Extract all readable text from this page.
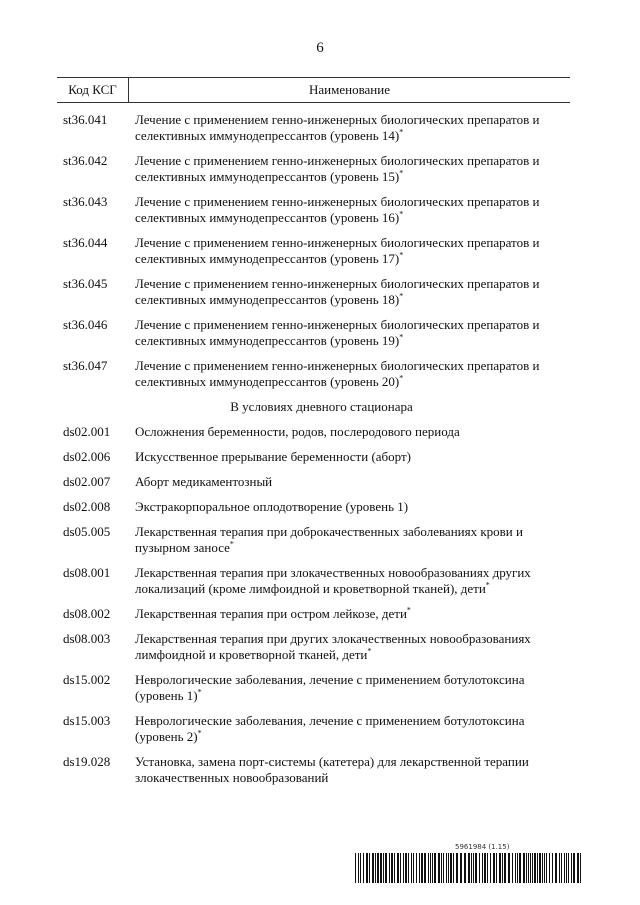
6
Код КСГ	Наименование
st36.041	Лечение с применением генно-инженерных биологических препаратов и селективных иммунодепрессантов (уровень 14)*
st36.042	Лечение с применением генно-инженерных биологических препаратов и селективных иммунодепрессантов (уровень 15)*
st36.043	Лечение с применением генно-инженерных биологических препаратов и селективных иммунодепрессантов (уровень 16)*
st36.044	Лечение с применением генно-инженерных биологических препаратов и селективных иммунодепрессантов (уровень 17)*
st36.045	Лечение с применением генно-инженерных биологических препаратов и селективных иммунодепрессантов (уровень 18)*
st36.046	Лечение с применением генно-инженерных биологических препаратов и селективных иммунодепрессантов (уровень 19)*
st36.047	Лечение с применением генно-инженерных биологических препаратов и селективных иммунодепрессантов (уровень 20)*
В условиях дневного стационара
ds02.001	Осложнения беременности, родов, послеродового периода
ds02.006	Искусственное прерывание беременности (аборт)
ds02.007	Аборт медикаментозный
ds02.008	Экстракорпоральное оплодотворение (уровень 1)
ds05.005	Лекарственная терапия при доброкачественных заболеваниях крови и пузырном заносе*
ds08.001	Лекарственная терапия при злокачественных новообразованиях других локализаций (кроме лимфоидной и кроветворной тканей), дети*
ds08.002	Лекарственная терапия при остром лейкозе, дети*
ds08.003	Лекарственная терапия при других злокачественных новообразованиях лимфоидной и кроветворной тканей, дети*
ds15.002	Неврологические заболевания, лечение с применением ботулотоксина (уровень 1)*
ds15.003	Неврологические заболевания, лечение с применением ботулотоксина (уровень 2)*
ds19.028	Установка, замена порт-системы (катетера) для лекарственной терапии злокачественных новообразований
5961984 (1.15)
